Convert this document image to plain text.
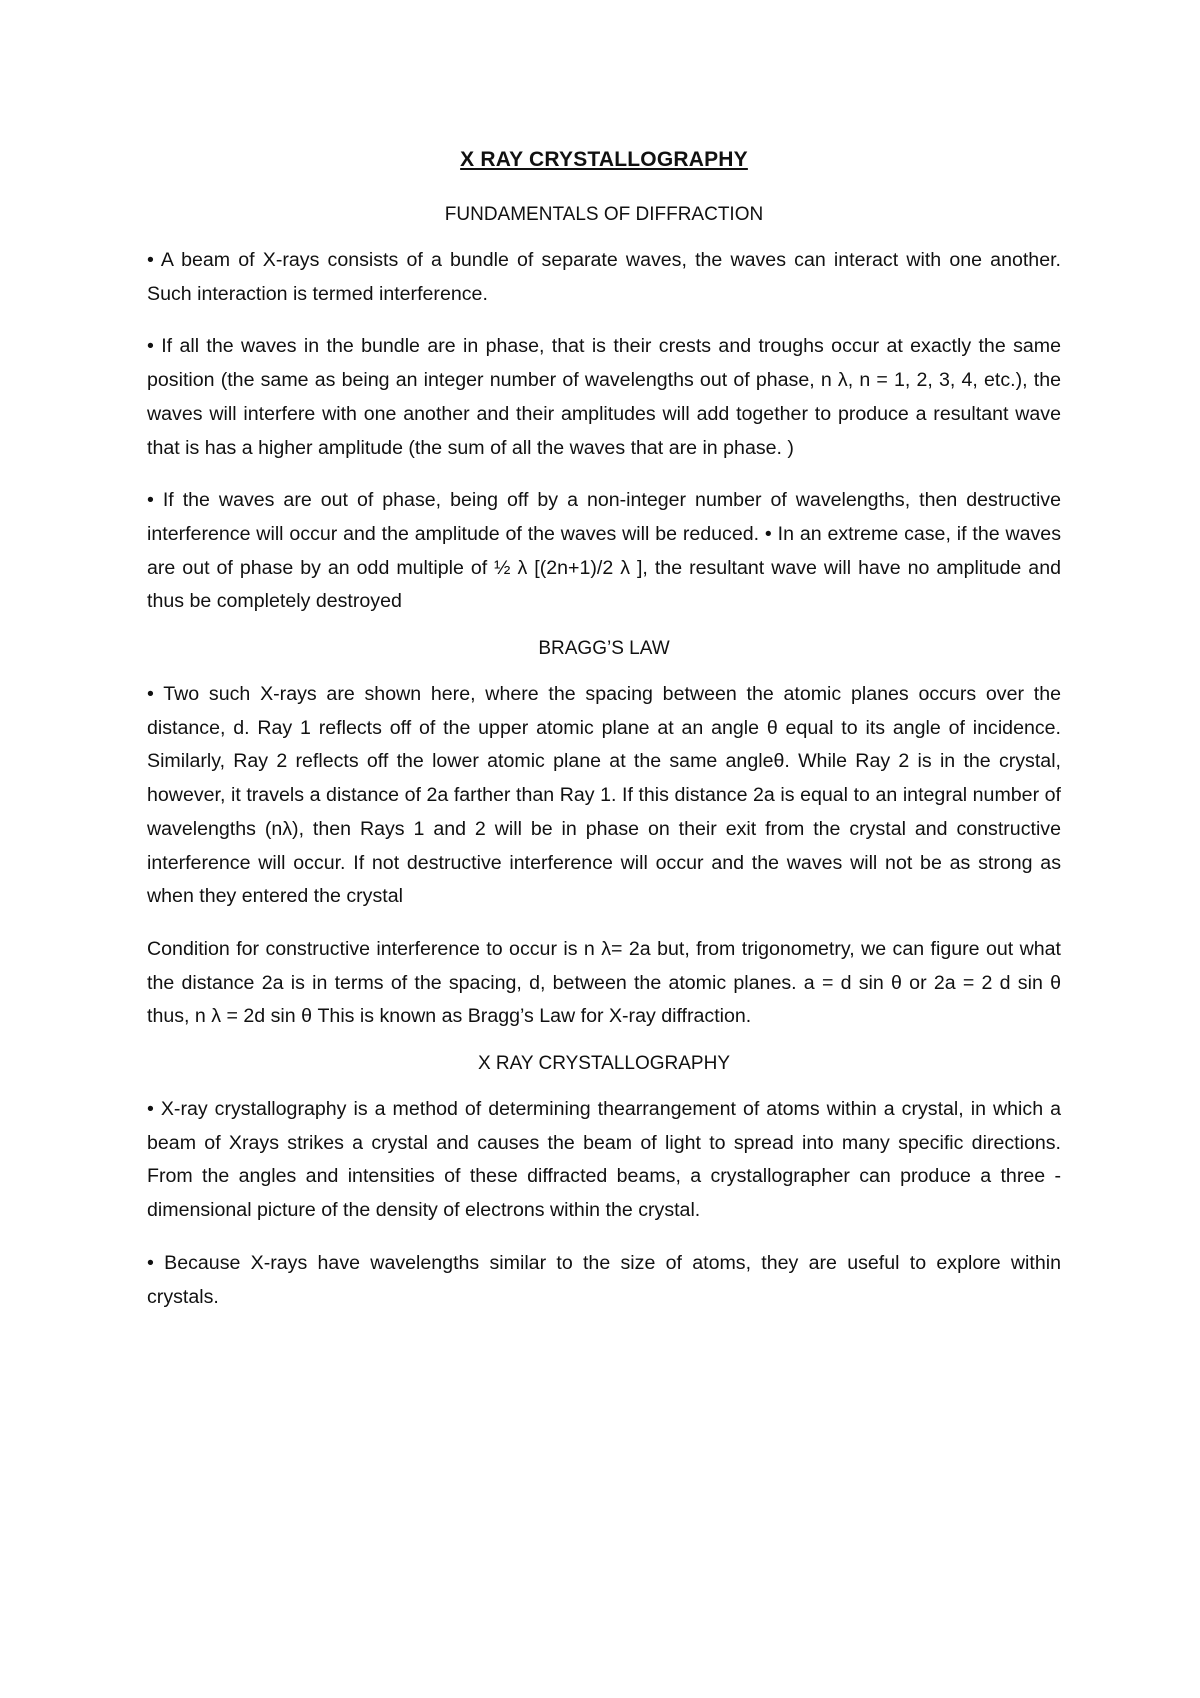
X RAY CRYSTALLOGRAPHY
FUNDAMENTALS OF DIFFRACTION

• A beam of X-rays consists of a bundle of separate waves, the waves can interact with one another. Such interaction is termed interference.

• If all the waves in the bundle are in phase, that is their crests and troughs occur at exactly the same position (the same as being an integer number of wavelengths out of phase, n λ, n = 1, 2, 3, 4, etc.), the waves will interfere with one another and their amplitudes will add together to produce a resultant wave that is has a higher amplitude (the sum of all the waves that are in phase. )

• If the waves are out of phase, being off by a non-integer number of wavelengths, then destructive interference will occur and the amplitude of the waves will be reduced. • In an extreme case, if the waves are out of phase by an odd multiple of ½ λ [(2n+1)/2 λ ], the resultant wave will have no amplitude and thus be completely destroyed

BRAGG’S LAW

• Two such X-rays are shown here, where the spacing between the atomic planes occurs over the distance, d. Ray 1 reflects off of the upper atomic plane at an angle θ equal to its angle of incidence. Similarly, Ray 2 reflects off the lower atomic plane at the same angleθ. While Ray 2 is in the crystal, however, it travels a distance of 2a farther than Ray 1. If this distance 2a is equal to an integral number of wavelengths (nλ), then Rays 1 and 2 will be in phase on their exit from the crystal and constructive interference will occur. If not destructive interference will occur and the waves will not be as strong as when they entered the crystal

Condition for constructive interference to occur is n λ= 2a but, from trigonometry, we can figure out what the distance 2a is in terms of the spacing, d, between the atomic planes. a = d sin θ or 2a = 2 d sin θ thus, n λ = 2d sin θ This is known as Bragg’s Law for X-ray diffraction.

X RAY CRYSTALLOGRAPHY

• X-ray crystallography is a method of determining thearrangement of atoms within a crystal, in which a beam of Xrays strikes a crystal and causes the beam of light to spread into many specific directions. From the angles and intensities of these diffracted beams, a crystallographer can produce a three - dimensional picture of the density of electrons within the crystal.

• Because X-rays have wavelengths similar to the size of atoms, they are useful to explore within crystals.
